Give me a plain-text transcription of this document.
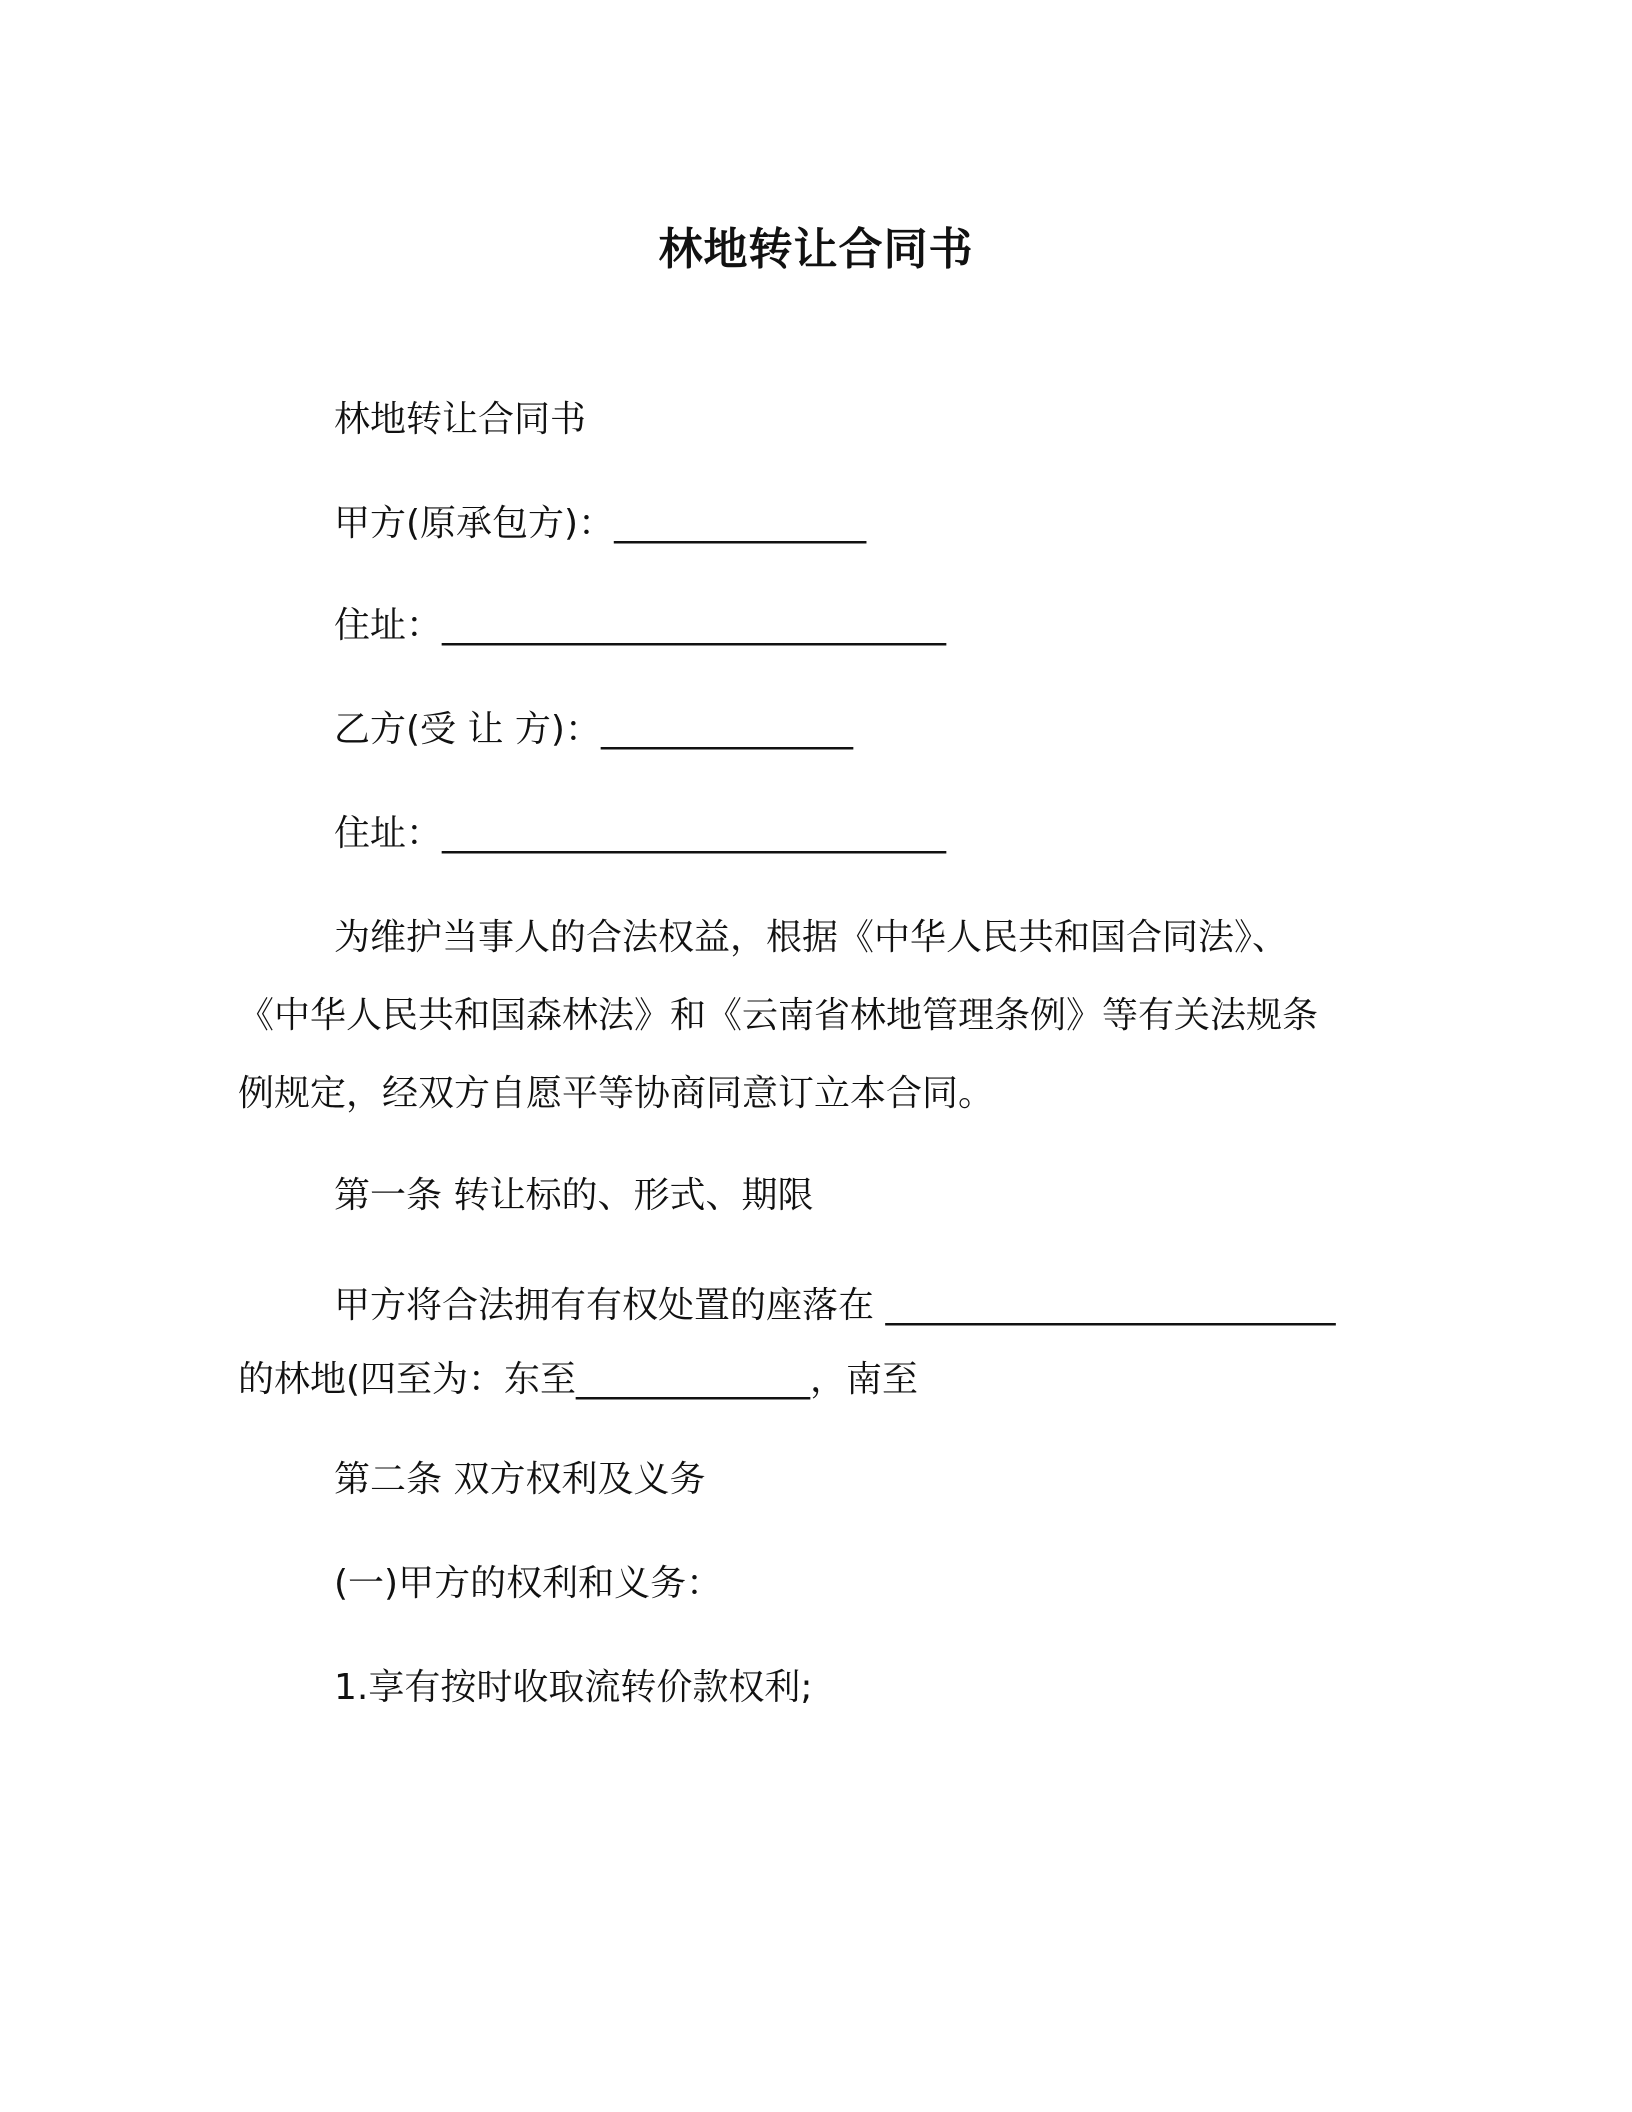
林地转让合同书
林地转让合同书
甲方(原承包方)：______________
住址：____________________________
乙方(受 让 方)：______________
住址：____________________________
为维护当事人的合法权益，根据《中华人民共和国合同法》、
《中华人民共和国森林法》和《云南省林地管理条例》等有关法规条
例规定，经双方自愿平等协商同意订立本合同。
第一条 转让标的、形式、期限
甲方将合法拥有有权处置的座落在 _________________________
的林地(四至为：东至_____________，南至
第二条 双方权利及义务
(一)甲方的权利和义务：
1.享有按时收取流转价款权利;
